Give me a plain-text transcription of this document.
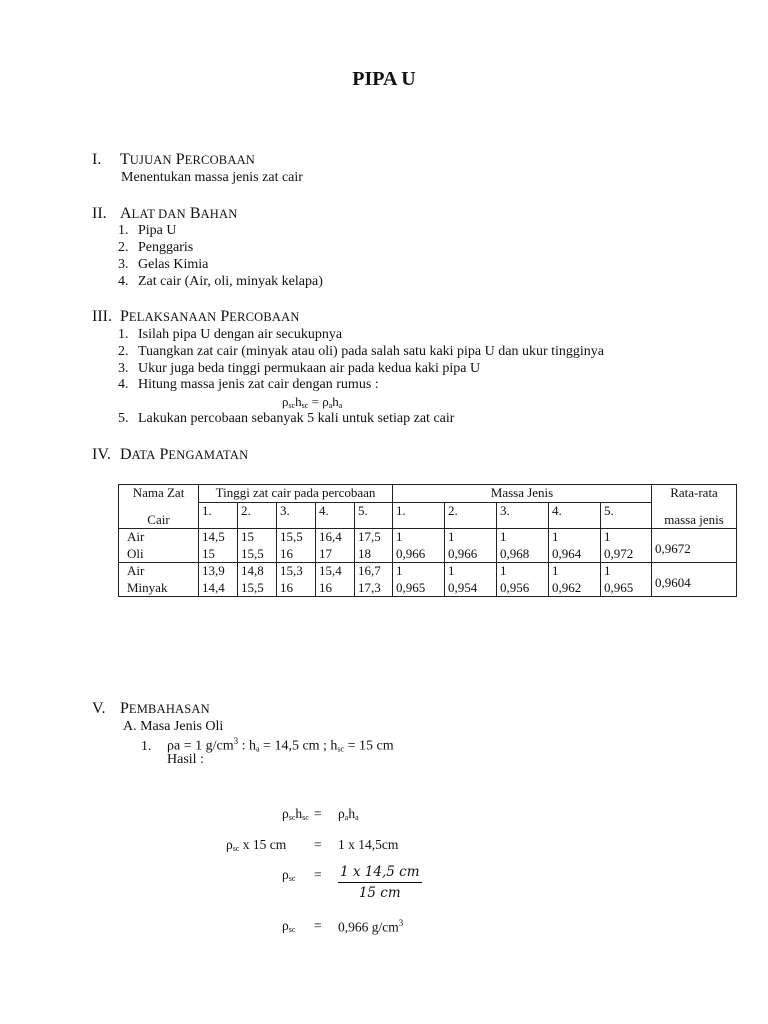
PIPA U
I. TUJUAN PERCOBAAN
Menentukan massa jenis zat cair
II. ALAT DAN BAHAN
1. Pipa U
2. Penggaris
3. Gelas Kimia
4. Zat cair (Air, oli, minyak kelapa)
III. PELAKSANAAN PERCOBAAN
1. Isilah pipa U dengan air secukupnya
2. Tuangkan zat cair (minyak atau oli) pada salah satu kaki pipa U dan ukur tingginya
3. Ukur juga beda tinggi permukaan air pada kedua kaki pipa U
4. Hitung massa jenis zat cair dengan rumus :
$\rho_{sc}h_{sc} = \rho_ah_a$
5. Lakukan percobaan sebanyak 5 kali untuk setiap zat cair
IV. DATA PENGAMATAN
Nama Zat	Tinggi zat cair pada percobaan					Massa Jenis					Rata-rata
Cair	1.	2.	3.	4.	5.	1.	2.	3.	4.	5.	massa jenis
Air	14,5	15	15,5	16,4	17,5	1	1	1	1	1	0,9672
Oli	15	15,5	16	17	18	0,966	0,966	0,968	0,964	0,972	
Air	13,9	14,8	15,3	15,4	16,7	1	1	1	1	1	0,9604
Minyak	14,4	15,5	16	16	17,3	0,965	0,954	0,956	0,962	0,965	
V. PEMBAHASAN
A. Masa Jenis Oli
1. ρa = 1 $g/cm^3$ : $h_a = 14,5$ cm ; $h_{sc} = 15$ cm
Hasil :
$\rho_{sc}h_{sc} = \rho_ah_a$
$\rho_{sc}$ x 15 cm = 1 x 14,5cm
$\rho_{sc} = \frac{1 x 14,5 cm}{15 cm}$
$\rho_{sc} = 0,966$ $g/cm^3$
